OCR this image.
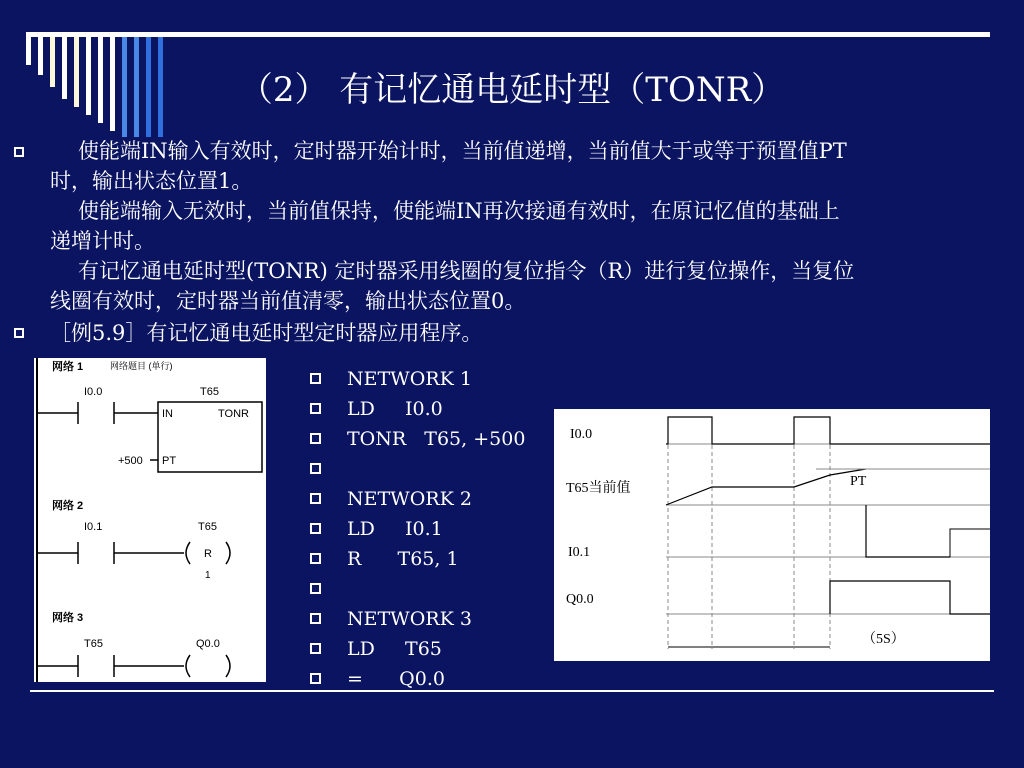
（2） 有记忆通电延时型（TONR）
使能端IN输入有效时，定时器开始计时，当前值递增，当前值大于或等于预置值PT
时，输出状态位置1。
使能端输入无效时，当前值保持，使能端IN再次接通有效时，在原记忆值的基础上
递增计时。
有记忆通电延时型(TONR) 定时器采用线圈的复位指令（R）进行复位操作，当复位
线圈有效时，定时器当前值清零，输出状态位置0。
［例5.9］有记忆通电延时型定时器应用程序。
网络 1	网络题目 (单行)
I0.0	T65
IN	TONR
+500 PT
网络 2
I0.1	T65
R
1
网络 3
T65	Q0.0
NETWORK 1
LD     I0.0
TONR   T65, +500
NETWORK 2
LD     I0.1
R      T65, 1
NETWORK 3
LD     T65
=      Q0.0
I0.0
T65当前值	PT
I0.1
Q0.0
（5S）
